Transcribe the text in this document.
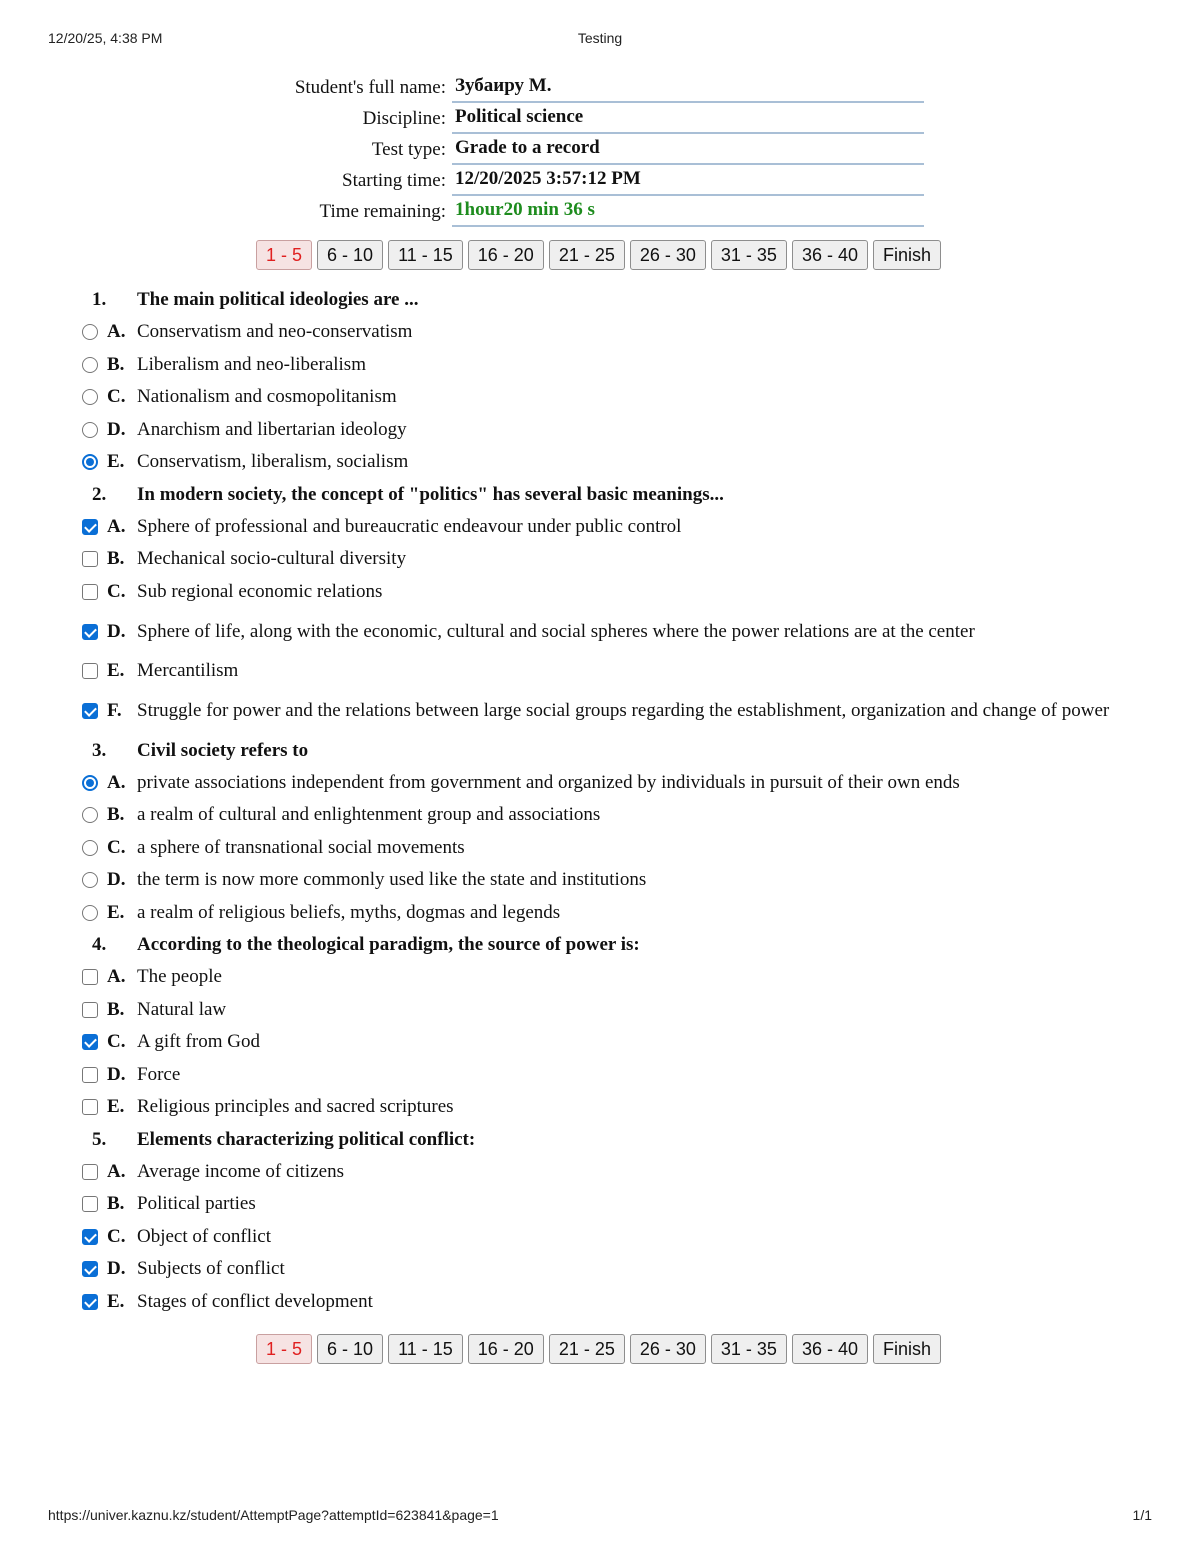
12/20/25, 4:38 PM	Testing
Student's full name: Зубаиру М.
Discipline: Political science
Test type: Grade to a record
Starting time: 12/20/2025 3:57:12 PM
Time remaining: 1hour20 min 36 s
1 - 5	6 - 10	11 - 15	16 - 20	21 - 25	26 - 30	31 - 35	36 - 40	Finish
1.	The main political ideologies are ...
A. Conservatism and neo-conservatism
B. Liberalism and neo-liberalism
C. Nationalism and cosmopolitanism
D. Anarchism and libertarian ideology
E. Conservatism, liberalism, socialism
2.	In modern society, the concept of "politics" has several basic meanings...
A. Sphere of professional and bureaucratic endeavour under public control
B. Mechanical socio-cultural diversity
C. Sub regional economic relations
D. Sphere of life, along with the economic, cultural and social spheres where the power relations are at the center
E. Mercantilism
F. Struggle for power and the relations between large social groups regarding the establishment, organization and change of power
3.	Civil society refers to
A. private associations independent from government and organized by individuals in pursuit of their own ends
B. a realm of cultural and enlightenment group and associations
C. a sphere of transnational social movements
D. the term is now more commonly used like the state and institutions
E. a realm of religious beliefs, myths, dogmas and legends
4.	According to the theological paradigm, the source of power is:
A. The people
B. Natural law
C. A gift from God
D. Force
E. Religious principles and sacred scriptures
5.	Elements characterizing political conflict:
A. Average income of citizens
B. Political parties
C. Object of conflict
D. Subjects of conflict
E. Stages of conflict development
1 - 5	6 - 10	11 - 15	16 - 20	21 - 25	26 - 30	31 - 35	36 - 40	Finish
https://univer.kaznu.kz/student/AttemptPage?attemptId=623841&page=1	1/1
